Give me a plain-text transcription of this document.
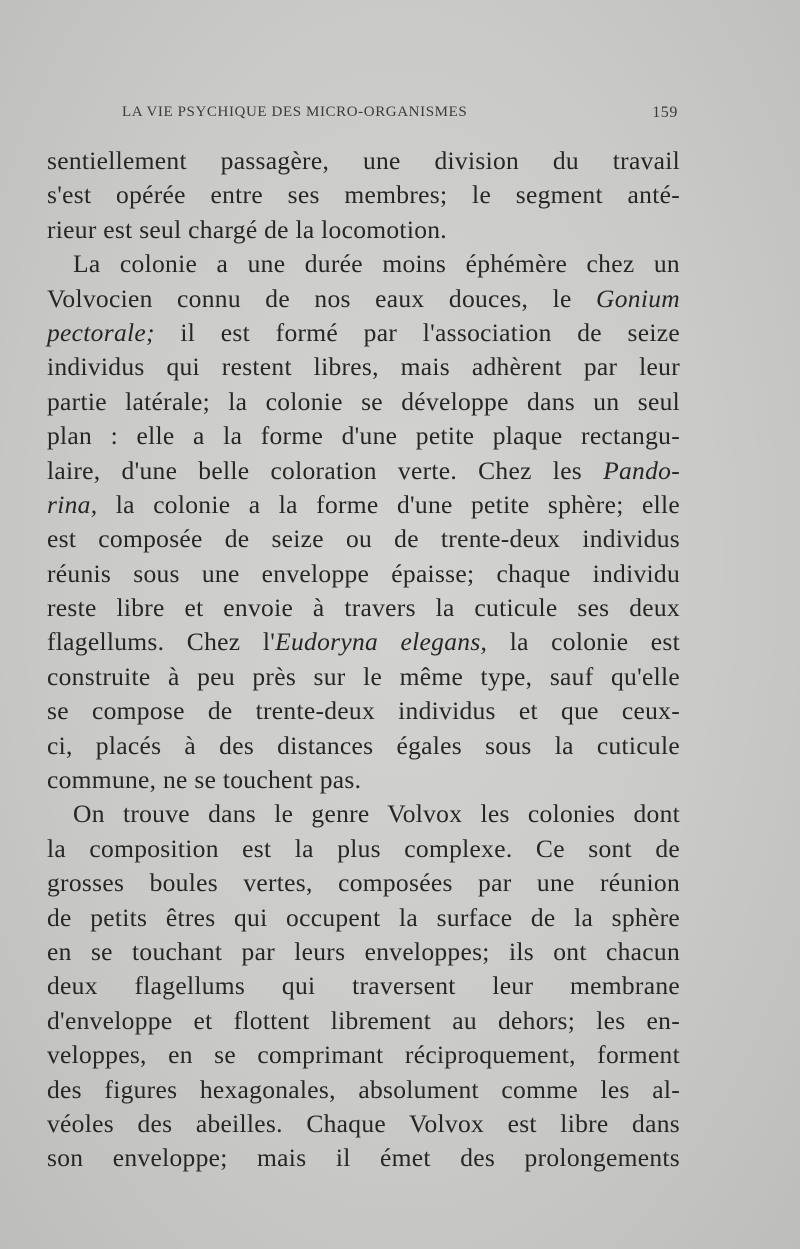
LA VIE PSYCHIQUE DES MICRO-ORGANISMES	159
sentiellement passagère, une division du travail
s'est opérée entre ses membres; le segment anté-
rieur est seul chargé de la locomotion.
La colonie a une durée moins éphémère chez un
Volvocien connu de nos eaux douces, le Gonium
pectorale; il est formé par l'association de seize
individus qui restent libres, mais adhèrent par leur
partie latérale; la colonie se développe dans un seul
plan : elle a la forme d'une petite plaque rectangu-
laire, d'une belle coloration verte. Chez les Pando-
rina, la colonie a la forme d'une petite sphère; elle
est composée de seize ou de trente-deux individus
réunis sous une enveloppe épaisse; chaque individu
reste libre et envoie à travers la cuticule ses deux
flagellums. Chez l'Eudoryna elegans, la colonie est
construite à peu près sur le même type, sauf qu'elle
se compose de trente-deux individus et que ceux-
ci, placés à des distances égales sous la cuticule
commune, ne se touchent pas.
On trouve dans le genre Volvox les colonies dont
la composition est la plus complexe. Ce sont de
grosses boules vertes, composées par une réunion
de petits êtres qui occupent la surface de la sphère
en se touchant par leurs enveloppes; ils ont chacun
deux flagellums qui traversent leur membrane
d'enveloppe et flottent librement au dehors; les en-
veloppes, en se comprimant réciproquement, forment
des figures hexagonales, absolument comme les al-
véoles des abeilles. Chaque Volvox est libre dans
son enveloppe; mais il émet des prolongements
